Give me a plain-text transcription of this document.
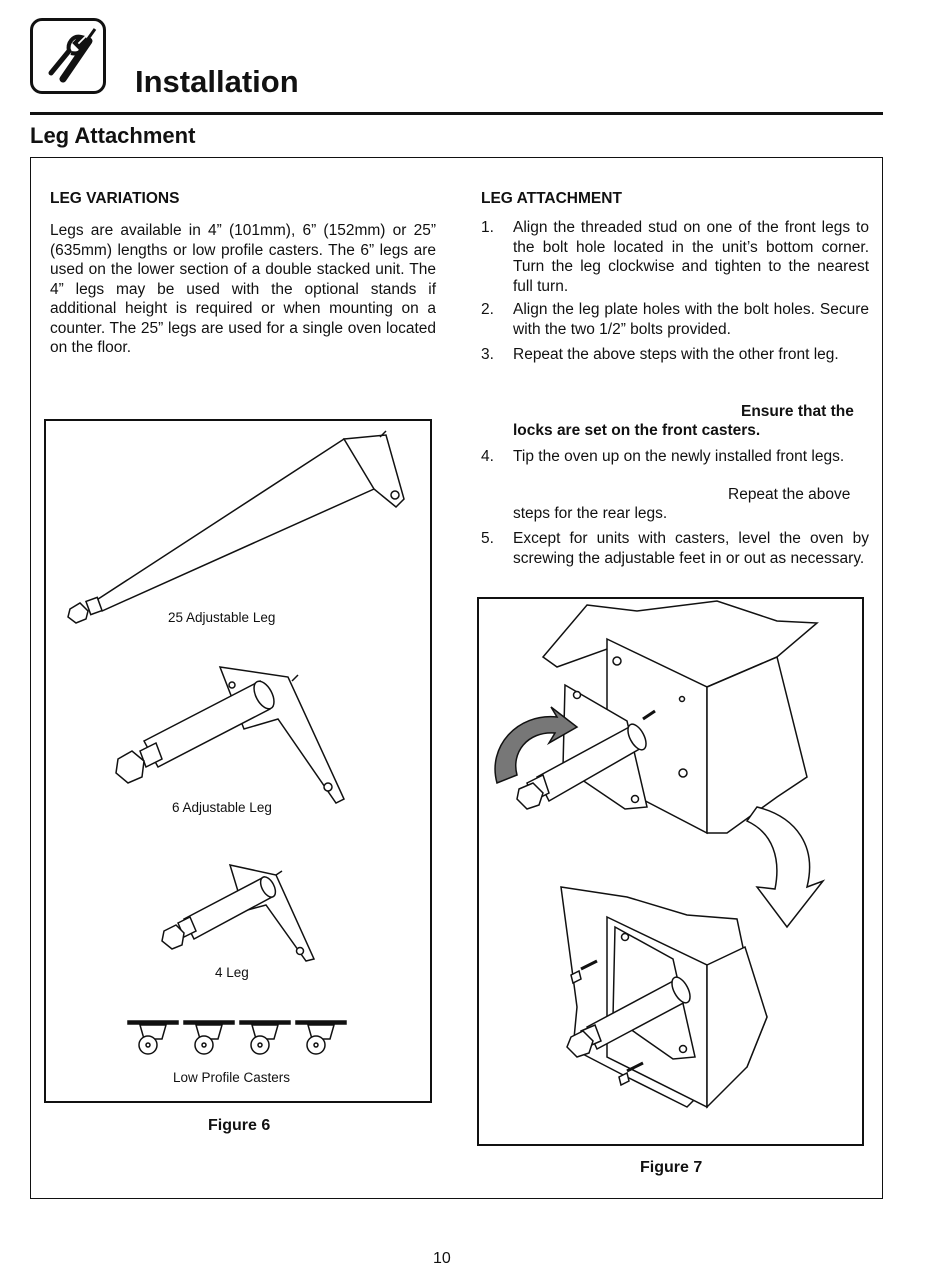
Installation
Leg Attachment
LEG VARIATIONS
Legs are available in 4” (101mm), 6” (152mm) or 25” (635mm) lengths or low profile casters. The 6” legs are used on the lower section of a double stacked unit. The 4” legs may be used with the optional stands if additional height is required or when mounting on a counter. The 25” legs are used for a single oven located on the floor.
LEG ATTACHMENT
1. Align the threaded stud on one of the front legs to the bolt hole located in the unit’s bottom corner. Turn the leg clockwise and tighten to the nearest full turn.
2. Align the leg plate holes with the bolt holes. Secure with the two 1/2” bolts provided.
3. Repeat the above steps with the other front leg.
Ensure that the
locks are set on the front casters.
4. Tip the oven up on the newly installed front legs.
Repeat the above
steps for the rear legs.
5. Except for units with casters, level the oven by screwing the adjustable feet in or out as necessary.
25 Adjustable Leg
6 Adjustable Leg
4 Leg
Low Profile Casters
Figure 6
Figure 7
10
